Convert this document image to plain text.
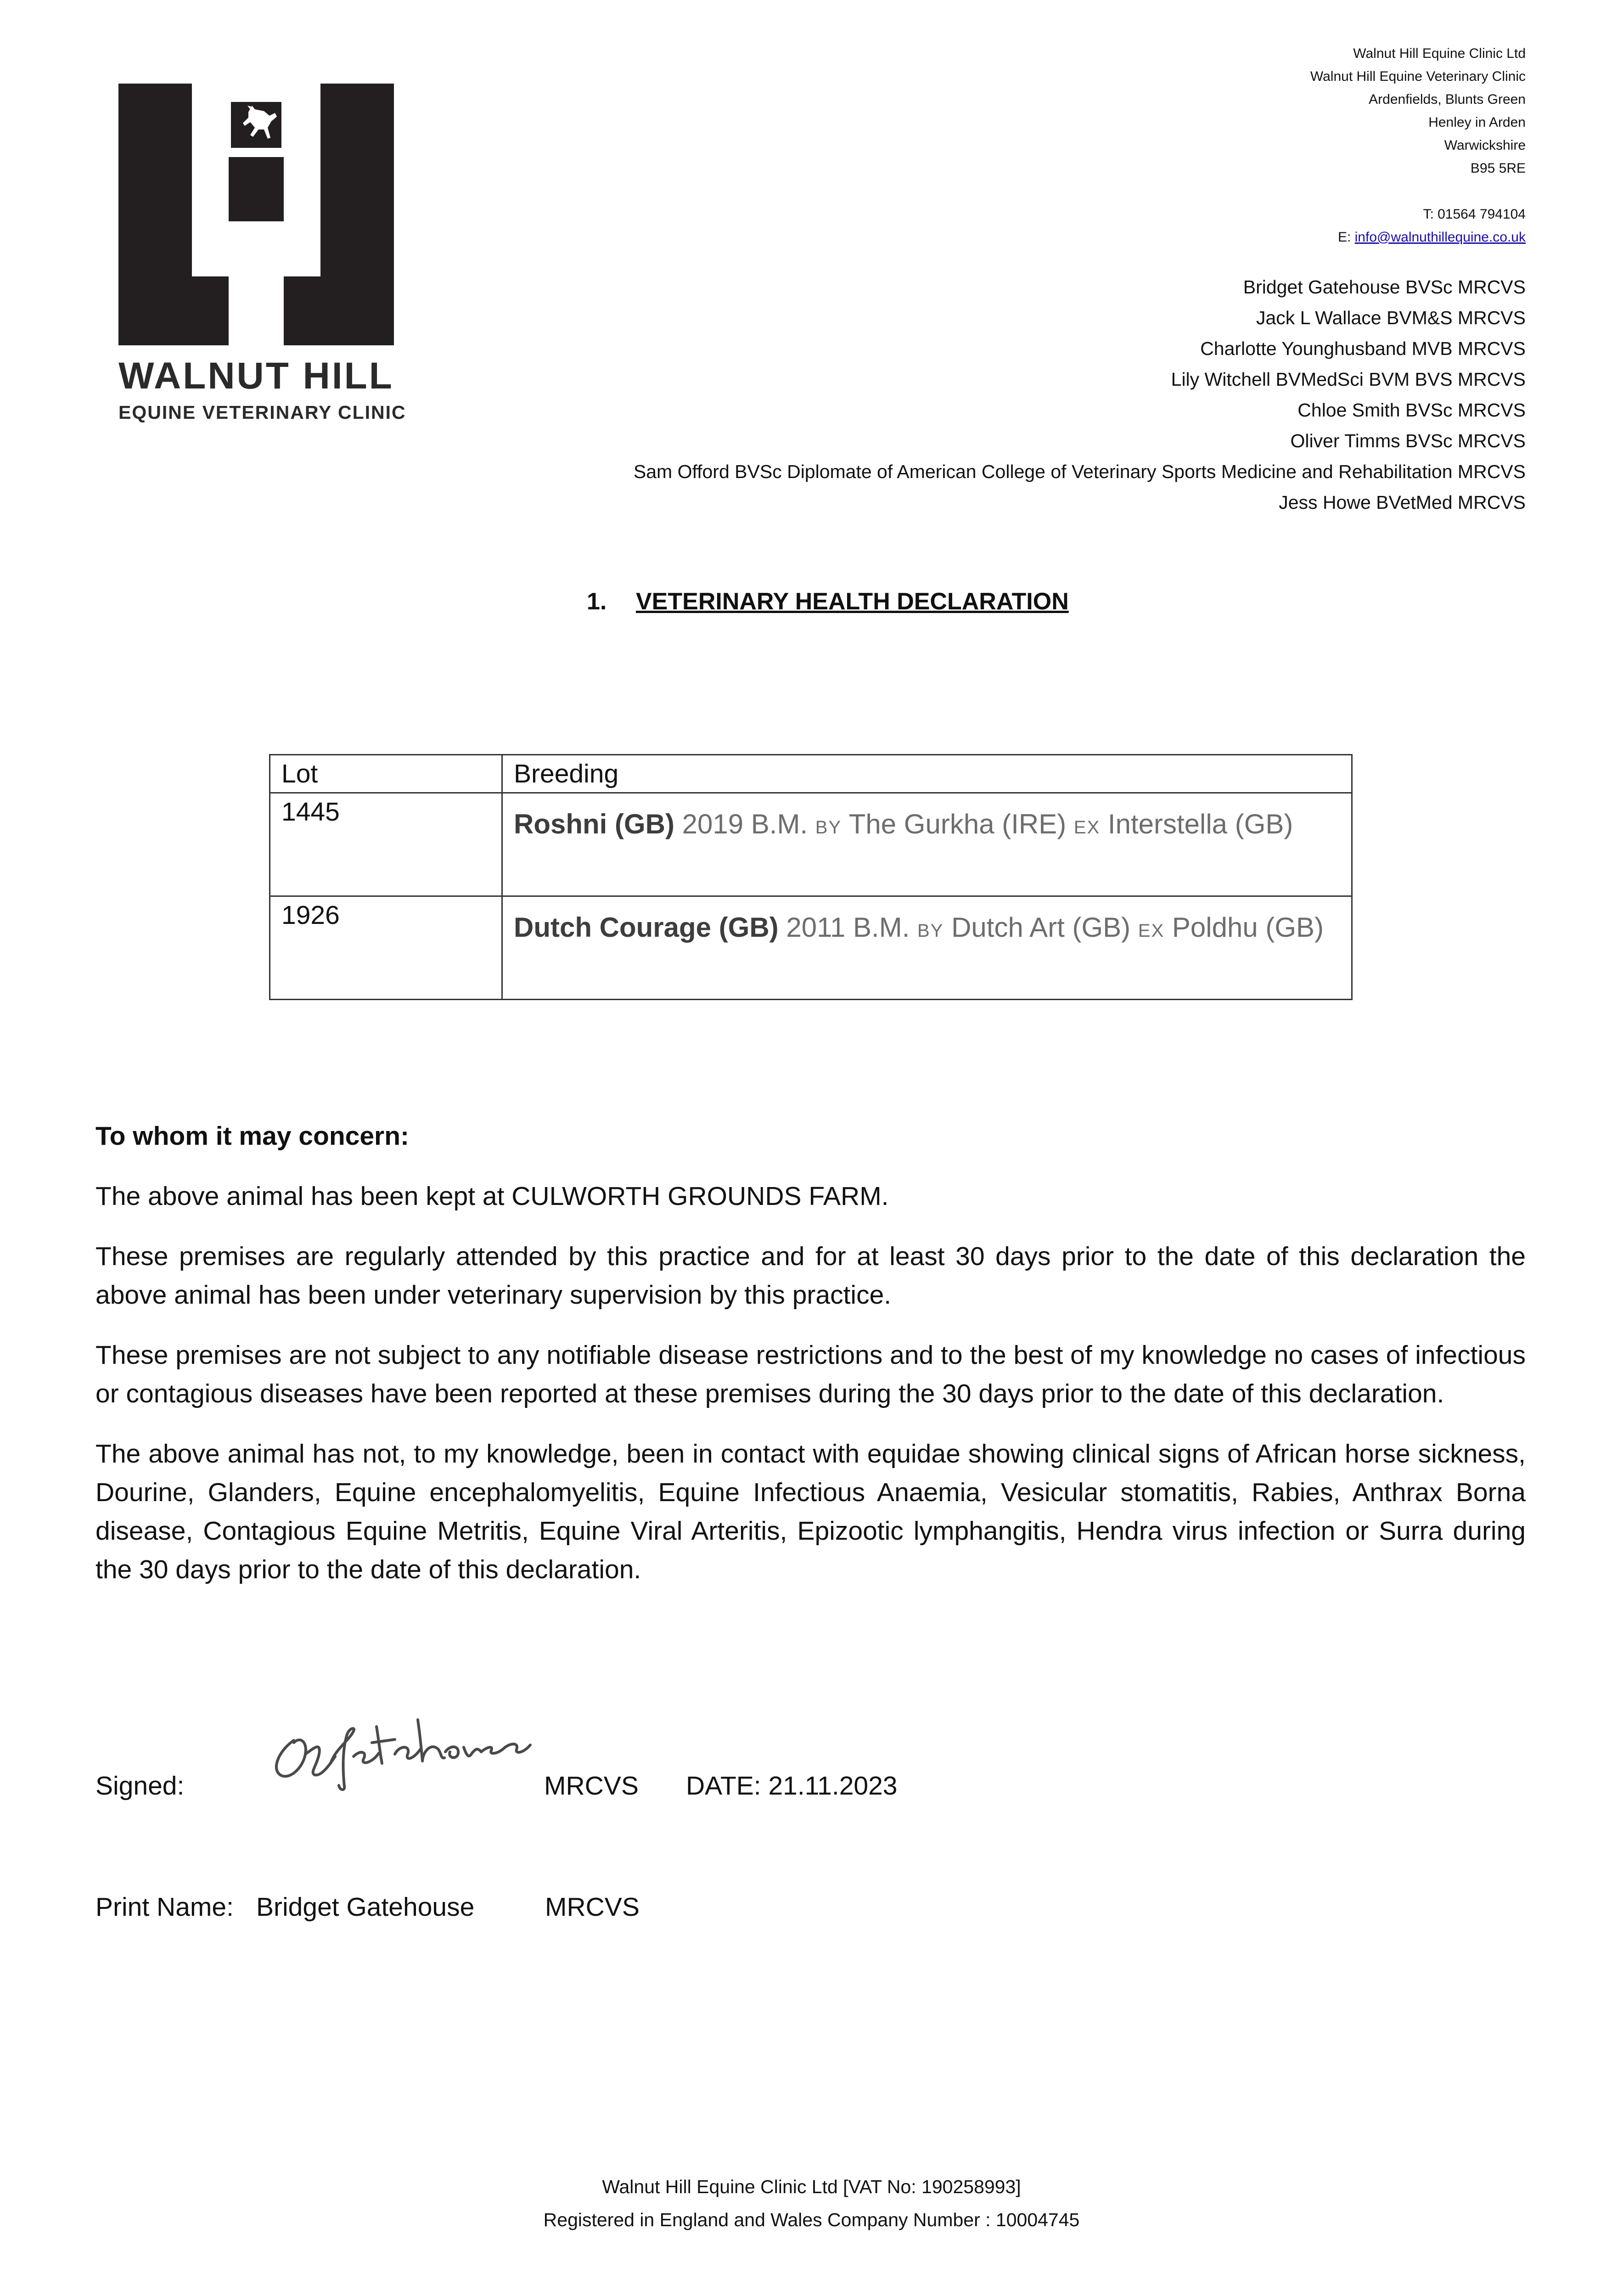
WALNUT HILL
EQUINE VETERINARY CLINIC
Walnut Hill Equine Clinic Ltd
Walnut Hill Equine Veterinary Clinic
Ardenfields, Blunts Green
Henley in Arden
Warwickshire
B95 5RE
T: 01564 794104
E: info@walnuthillequine.co.uk
Bridget Gatehouse BVSc MRCVS
Jack L Wallace BVM&S MRCVS
Charlotte Younghusband MVB MRCVS
Lily Witchell BVMedSci BVM BVS MRCVS
Chloe Smith BVSc MRCVS
Oliver Timms BVSc MRCVS
Sam Offord BVSc Diplomate of American College of Veterinary Sports Medicine and Rehabilitation MRCVS
Jess Howe BVetMed MRCVS
1. VETERINARY HEALTH DECLARATION
Lot	Breeding

1445	Roshni (GB) 2019 B.M. BY The Gurkha (IRE) EX Interstella (GB)

1926	Dutch Courage (GB) 2011 B.M. BY Dutch Art (GB) EX Poldhu (GB)

To whom it may concern:

The above animal has been kept at CULWORTH GROUNDS FARM.

These premises are regularly attended by this practice and for at least 30 days prior to the date of this declaration the above animal has been under veterinary supervision by this practice.

These premises are not subject to any notifiable disease restrictions and to the best of my knowledge no cases of infectious or contagious diseases have been reported at these premises during the 30 days prior to the date of this declaration.

The above animal has not, to my knowledge, been in contact with equidae showing clinical signs of African horse sickness, Dourine, Glanders, Equine encephalomyelitis, Equine Infectious Anaemia, Vesicular stomatitis, Rabies, Anthrax Borna disease, Contagious Equine Metritis, Equine Viral Arteritis, Epizootic lymphangitis, Hendra virus infection or Surra during the 30 days prior to the date of this declaration.

Signed:	MRCVS DATE: 21.11.2023
Print Name: Bridget Gatehouse	MRCVS
Walnut Hill Equine Clinic Ltd [VAT No: 190258993]
Registered in England and Wales Company Number : 10004745
